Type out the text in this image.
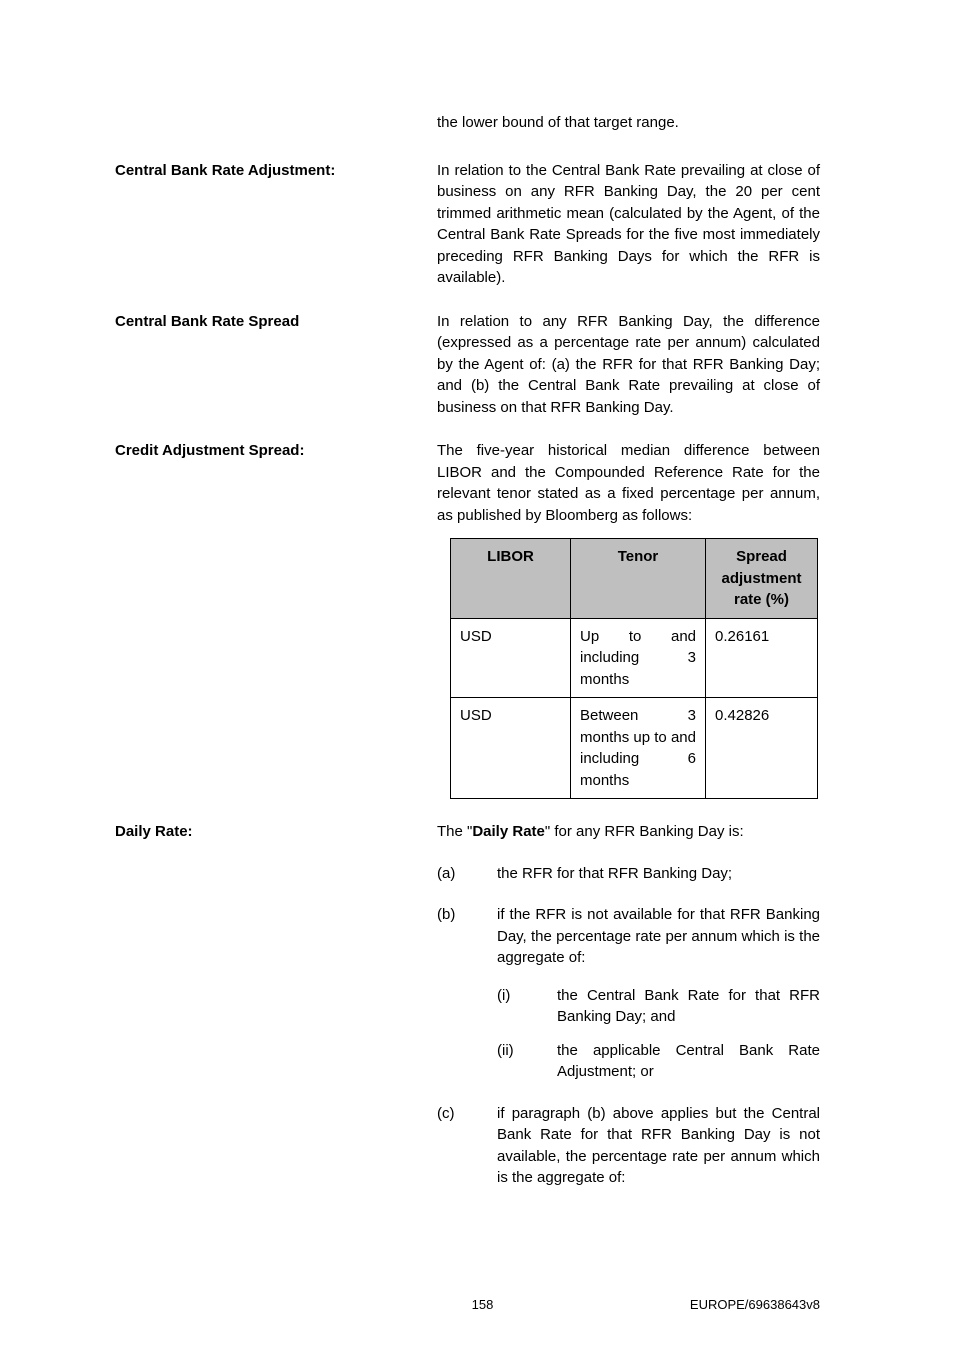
the lower bound of that target range.

Central Bank Rate Adjustment:	In relation to the Central Bank Rate prevailing at close of business on any RFR Banking Day, the 20 per cent trimmed arithmetic mean (calculated by the Agent, of the Central Bank Rate Spreads for the five most immediately preceding RFR Banking Days for which the RFR is available).
Central Bank Rate Spread	In relation to any RFR Banking Day, the difference (expressed as a percentage rate per annum) calculated by the Agent of: (a) the RFR for that RFR Banking Day; and (b) the Central Bank Rate prevailing at close of business on that RFR Banking Day.
Credit Adjustment Spread:	The five-year historical median difference between LIBOR and the Compounded Reference Rate for the relevant tenor stated as a fixed percentage per annum, as published by Bloomberg as follows:

LIBOR	Tenor	Spread adjustment rate (%)
USD	Up to and including 3 months	0.26161
USD	Between 3 months up to and including 6 months	0.42826
Daily Rate:	The "Daily Rate" for any RFR Banking Day is:

(a)	the RFR for that RFR Banking Day;
(b)	if the RFR is not available for that RFR Banking Day, the percentage rate per annum which is the aggregate of:
(i)	the Central Bank Rate for that RFR Banking Day; and
(ii)	the applicable Central Bank Rate Adjustment; or
(c)	if paragraph (b) above applies but the Central Bank Rate for that RFR Banking Day is not available, the percentage rate per annum which is the aggregate of:
158	EUROPE/69638643v8
